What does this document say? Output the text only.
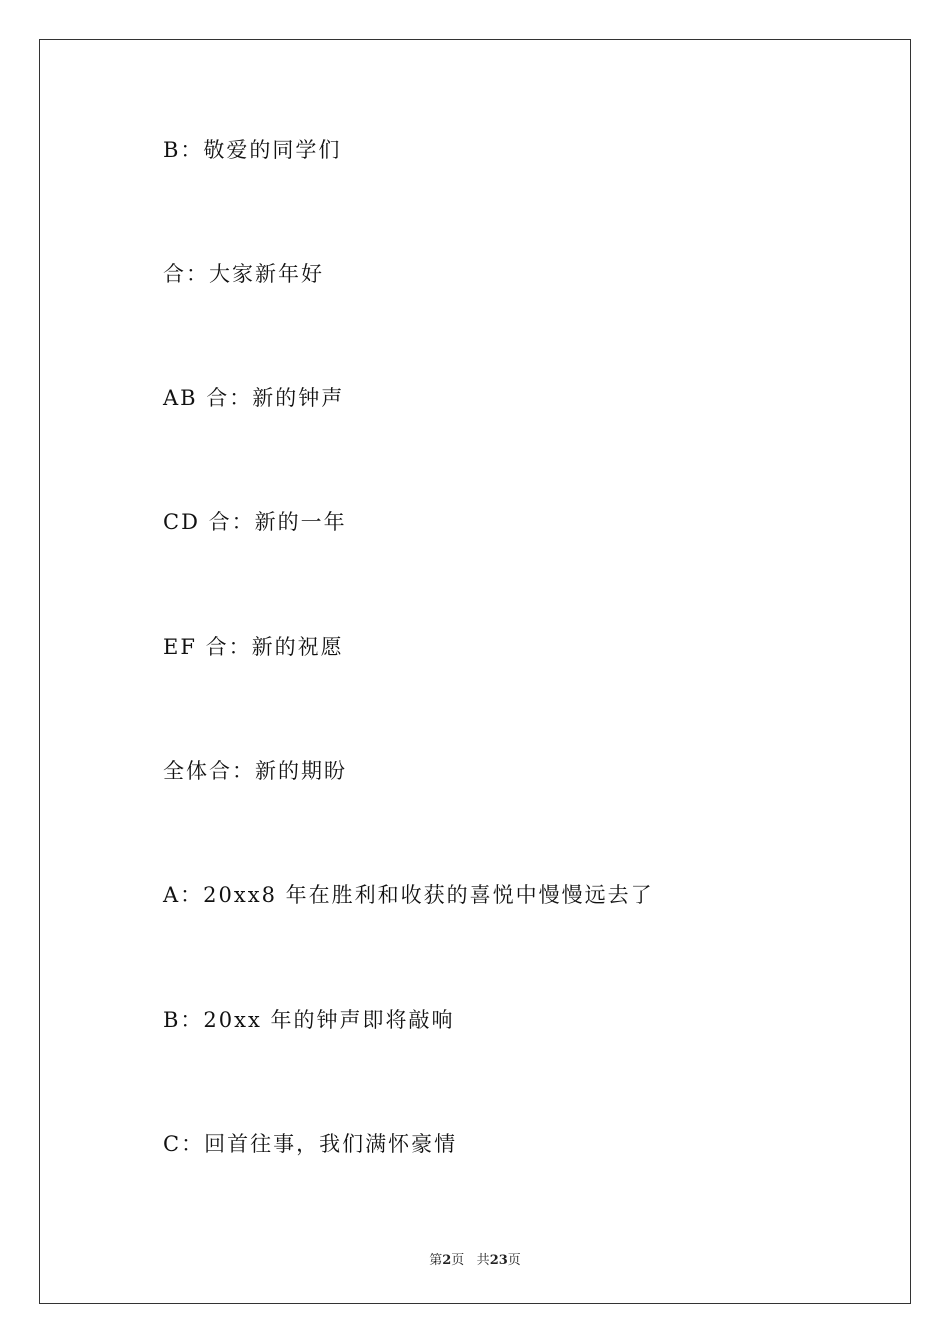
B：敬爱的同学们
合：大家新年好
AB 合：新的钟声
CD 合：新的一年
EF 合：新的祝愿
全体合：新的期盼
A：20xx8 年在胜利和收获的喜悦中慢慢远去了
B：20xx 年的钟声即将敲响
C：回首往事，我们满怀豪情
第2页 共23页
